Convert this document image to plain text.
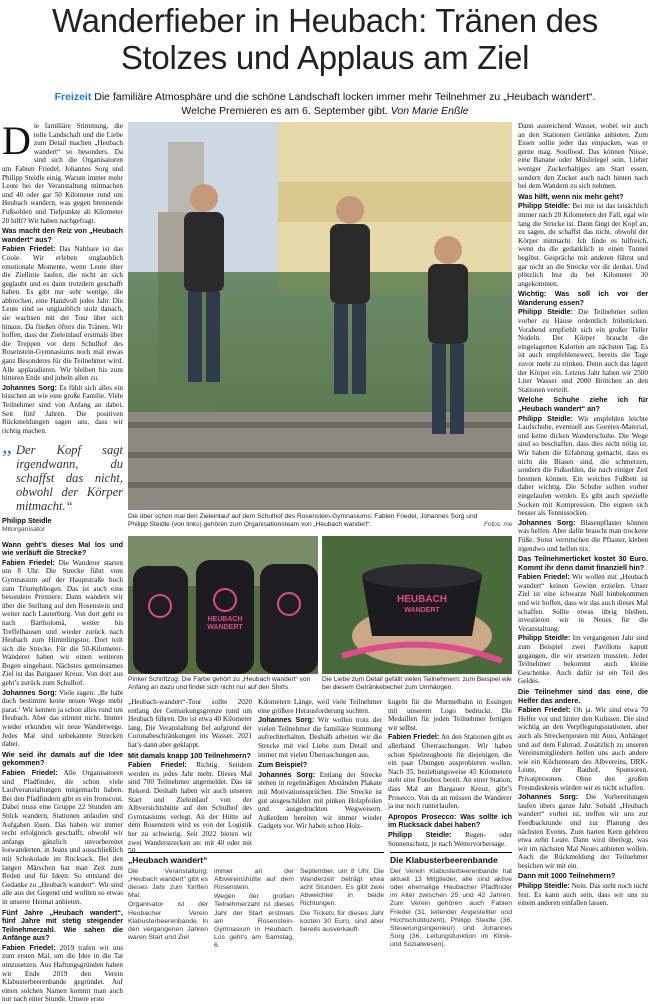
Wanderfieber in Heubach: Tränen des
Stolzes und Applaus am Ziel
Freizeit Die familiäre Atmosphäre und die schöne Landschaft locken immer mehr Teilnehmer zu „Heubach wandert“.
Welche Premieren es am 6. September gibt. Von Marie Enßle

Die familiäre Stimmung, die tolle Landschaft und die Liebe zum Detail machen „Heubach wandert“ so besonders. Da sind sich die Organisatoren um Fabien Friedel, Johannes Sorg und Philipp Steidle einig. Warum immer mehr Leute bei der Veranstaltung mitmachen und 40 oder gar 50 Kilometer rund um Heubach wandern, was gegen brennende Fußsohlen und Tiefpunkte ab Kilometer 20 hilft? Wir haben nachgefragt.

Was macht den Reiz von „Heubach wandert“ aus?

Fabien Friedel: Das Nahbare ist das Coole. Wir erleben unglaublich emotionale Momente, wenn Leute über die Ziellinie laufen, die nicht an sich geglaubt und es dann trotzdem geschafft haben. Es gibt nur sehr wenige, die abbrechen, eine Handvoll jedes Jahr. Die Leute sind so unglaublich stolz danach, sie wachsen mit der Tour über sich hinaus. Da fließen öfters die Tränen. Wir hoffen, dass der Zieleinlauf erstmals über die Treppen vor dem Schulhof des Rosenstein-Gymnasiums noch mal etwas ganz Besonderes für die Teilnehmer wird. Alle applaudieren. Wir bleiben bis zum bitteren Ende und jubeln allen zu.

Johannes Sorg: Es fühlt sich alles ein bisschen an wie eine große Familie. Viele Teilnehmer sind von Anfang an dabei. Seit fünf Jahren. Die positiven Rückmeldungen sagen uns, dass wir richtig machen.

„ Der Kopf sagt irgendwann, du schaffst das nicht, obwohl der Körper mitmacht.“
Philipp Steidle
Mitorganisator
Wann geht’s dieses Mal los und wie verläuft die Strecke?

Fabien Friedel: Die Wanderer starten um 8 Uhr. Die Strecke führt vom Gymnasium auf der Hauptstraße hoch zum Triumphbogen. Das ist auch eine besondere Premiere. Dann wandern wir über die Stellung auf den Rosenstein und weiter nach Lauterburg. Von dort geht es nach Bartholomä, weiter bis Treffelhausen und wieder zurück nach Heubach zum Himmlingstor. Dort teilt sich die Strecke. Für die 50-Kilometer-Wanderer haben wir einen weiteren Bogen eingebaut. Nächstes gemeinsames Ziel ist das Bargauer Kreuz. Von dort aus geht’s zurück zum Schulhof.

Johannes Sorg: Viele sagen: ‚Ihr habt doch bestimmt keine neuen Wege mehr parat.‘ Wir kennen ja schon alles rund um Heubach. Aber das stimmt nicht. Immer wieder erkunden wir neue Wanderwege. Jedes Mal sind unbekannte Strecken dabei.

Wie seid ihr damals auf die Idee gekommen?

Fabien Friedel: Alle Organisatoren sind Pfadfinder, die schon viele Laufveranstaltungen mitgemacht haben. Bei den Pfadfindern gibt es ein Ironscout. Dabei muss eine Gruppe 22 Stunden am Stück wandern, Stationen anlaufen und Aufgaben lösen. Das haben wir immer recht erfolgreich geschafft, obwohl wir anfangs gänzlich unvorbereitet loswanderten, in Jeans und ausschließlich mit Schokolade im Rucksack. Bei den langen Märschen hat man Zeit zum Reden und für Ideen: So entstand der Gedanke zu „Heubach wandert“. Wir sind alle aus der Gegend und wollten so etwas in unserer Heimat anbieten.

Fünf Jahre „Heubach wandert“, fünf Jahre mit stetig steigender Teilnehmerzahl. Wie sahen die Anfänge aus?

Fabien Friedel: 2019 trafen wir uns zum ersten Mal, um die Idee in die Tat umzusetzen. Aus Haftungsgründen haben wir Ende 2019 den Verein Klabusterbeerenbande gegründet. Auf einen solchen Namen kommt man auch nur nach einer Stunde. Unsere erste

Die über schon mal den Zieleinlauf auf dem Schulhof des Rosenstein-Gymnasiums: Fabien Friedel, Johannes Sorg und Philipp Steidle (von links) gehören zum Organisationsteam von „Heubach wandert“.	Fotos: me
HEUBACH
WANDERT
Pinker Schriftzug: Die Farbe gehört zu „Heubach wandert“ von Anfang an dazu und findet sich nicht nur auf den Shirts.
HEUBACH
WANDERT
Die Liebe zum Detail gefällt vielen Teilnehmern: zum Beispiel wie bei diesem Getränkebecher zum Umhängen.

„Heubach-wandert“-Tour sollte 2020 entlang der Gemarkungsgrenze rund um Heubach führen. Die ist etwa 40 Kilometer lang. Die Veranstaltung fiel aufgrund der Coronabeschränkungen ins Wasser. 2021 hat’s dann aber geklappt.

Mit damals knapp 100 Teilnehmern?

Fabien Friedel: Richtig. Seitdem werden es jedes Jahr mehr. Dieses Mal sind 700 Teilnehmer angemeldet. Das ist Rekord. Deshalb haben wir auch unseren Start und Zieleinlauf von der Albversichtshütte auf den Schulhof des Gymnasiums verlegt. An der Hütte auf dem Rosenstein wird es von der Logistik her zu schwierig. Seit 2022 bieten wir zwei Wanderstrecken an: mit 40 oder mit 50

Kilometern Länge, weil viele Teilnehmer eine größere Herausforderung suchten.

Johannes Sorg: Wir wollen trotz der vielen Teilnehmer die familiäre Stimmung aufrechterhalten. Deshalb arbeiten wir die Strecke mit viel Liebe zum Detail und immer mit vielen Überraschungen aus.

Zum Beispiel?

Johannes Sorg: Entlang der Strecke stehen in regelmäßigen Abständen Plakate mit Motivationssprüchen. Die Strecke ist gut ausgeschildert mit pinken Holzpfeilen und ausgedruckten Wegweisern. Außerdem bereiten wir immer wieder Gadgets vor. Wir haben schon Holz-

kugeln für die Murmelbahn in Essingen mit unserem Logo bedruckt. Die Medaillen für jeden Teilnehmer fertigen wir selbst.

Fabien Friedel: An den Stationen gibt es allerhand Überraschungen. Wir haben schon Spielzeugboote für diejenigen, die ein paar Übungen ausprobieren wollen. Nach 35, beziehungsweise 45 Kilometern steht eine Fotobox bereit. An einer Station, dass Mal am Bargauer Kreuz, gibt’s Prosecco. Von da an müssen die Wanderer ja nur noch runterlaufen.

Apropos Prosecco: Was sollte ich im Rucksack dabei haben?

Philipp Steidle: Regen- oder Sonnenschutz, je nach Wettervorhersage.

„Heubach wandert“

Die Veranstaltung: „Heubach wandert“ gibt es dieses Jahr zum fünften Mal.

Organisator ist der Heubacher Verein Klabusterbeerenbande. In den vergangenen Jahren waren Start und Ziel

immer an der Albvereinshütte auf dem Rosenstein.

Wegen der großen Teilnehmerzahl ist dieses Jahr der Start erstmals am Rosenstein-Gymnasium in Heubach. Los geht’s am Samstag, 6.

September, um 8 Uhr. Die Wanderzeit beträgt etwa acht Stunden. Es gibt zwei Abweichler in beide Richtungen.

Die Tickets für dieses Jahr kosten 30 Euro, sind aber bereits ausverkauft.

Die Klabusterbeerenbande
Der Verein Klabusterbeerenbande hat aktuell 13 Mitglieder, alle sind aktive oder ehemalige Heubacher Pfadfinder im Alter zwischen 25 und 42 Jahren. Zum Verein gehören auch Fabien Friedel (31, leitender Angestellter und Hochschuldozent), Philipp Steidle (36, Steuerungsingenieur) und Johannes Sorg (36, Leitungsfunktion im Klinik- und Sozialwesen).

Dann ausreichend Wasser, wobei wir auch an den Stationen Getränke anbieten. Zum Essen sollte jeder das einpacken, was er gerne mag. Soulfood. Das können Nüsse, eine Banane oder Müsliriegel sein. Lieber weniger Zuckerhaltiges am Start essen, sondern den Zucker auch nach hinten nach bei dem Wandern zu sich nehmen.

Was hilft, wenn nix mehr geht?

Philipp Steidle: Bei mir ist das tatsächlich immer nach 20 Kilometern der Fall, egal wie lang die Strecke ist. Dann fängt der Kopf an, zu sagen, du schaffst das nicht, obwohl der Körper mitmacht. Ich finde es hilfreich, wenn du die gedanklich in einen Tunnel begibst. Gespräche mit anderen führst und gar nicht an die Strecke vor dir denkst. Und plötzlich bist du bei Kilometer 30 angekommen.

Wichtig: Was soll ich vor der Wanderung essen?

Philipp Steidle: Die Teilnehmer sollen vorher zu Hause ordentlich frühstücken. Vorabend empfiehlt sich ein großer Teller Nudeln. Der Körper braucht die eingelagerten Kalorien am nächsten Tag. Es ist auch empfehlenswert, bereits die Tage zuvor mehr zu trinken. Denn auch das lagert der Körper ein. Letztes Jahr haben wir 2500 Liter Wasser und 2000 Brötchen an den Stationen verteilt.

Welche Schuhe ziehe ich für „Heubach wandert“ an?

Philipp Steidle: Wir empfehlen leichte Laufschuhe, eventuell aus Goretex-Material, und keine dicken Wanderschuhe. Die Wege sind so beschaffen, dass dies nicht nötig ist. Wir haben die Erfahrung gemacht, dass es nicht die Blasen sind, die schmerzen, sondern die Fußsohlen, die nach einiger Zeit brennen können. Ein weiches Fußbett ist daher wichtig. Die Schuhe sollten vorher eingelaufen werden. Es gibt auch spezielle Socken mit Kompression. Die eignen sich besser als Tennissocken.

Johannes Sorg: Blasenpflaster können was helfen. Aber dafür braucht man trockene Füße. Sonst verrutschen die Pflaster, kleben irgendwo und helfen nix.

Das Teilnehmerticket kostet 30 Euro. Kommt ihr denn damit finanziell hin?

Fabien Friedel: Wir wollen mit „Heubach wandert“ keinen Gewinn erzielen. Unser Ziel ist eine schwarze Null hinbekommen und wir hoffen, dass wir das auch dieses Mal schaffen. Sollte etwas übrig bleiben, investieren wir in Neues für die Veranstaltung.

Philipp Steidle: Im vergangenen Jahr sind zum Beispiel zwei Pavillons kaputt gegangen, die wir ersetzen mussten. Jeder Teilnehmer bekommt auch kleine Geschenke. Auch dafür ist ein Teil des Geldes.

Die Teilnehmer sind das eine, die Helfer das andere.

Fabien Friedel: Oh ja. Wir sind etwa 70 Helfer vor und hinter den Kulissen. Die sind wichtig an den Verpflegungsstationen, aber auch als Streckenposten mit Auto, Anhänger und auf dem Fahrrad. Zusätzlich zu unseren Vereinsmitgliedern helfen uns auch andere wie ein Küchenteam des Albvereins, DRK-Leute, der Bauhof, Sponsoren, Privatpersonen. Ohne den großen Freundeskreis würden wir es nicht schaffen.

Johannes Sorg: Die Vorbereitungen laufen übers ganze Jahr. Sobald „Heubach wandert“ vorbei ist, treffen wir uns zur Feedbackrunde und zur Planung des nächsten Events. Zum harten Kern gehören etwa zehn Leute. Dann wird überlegt, was wir im nächsten Mal Neues anbieten wollen. Auch die Rückmeldung der Teilnehmer besichen wir mit ein.

Dann mit 1000 Teilnehmern?

Philipp Steidle: Nein. Das steht noch nicht fest. Es kann auch sein, dass wir uns zu einem anderen einfallen lassen.
